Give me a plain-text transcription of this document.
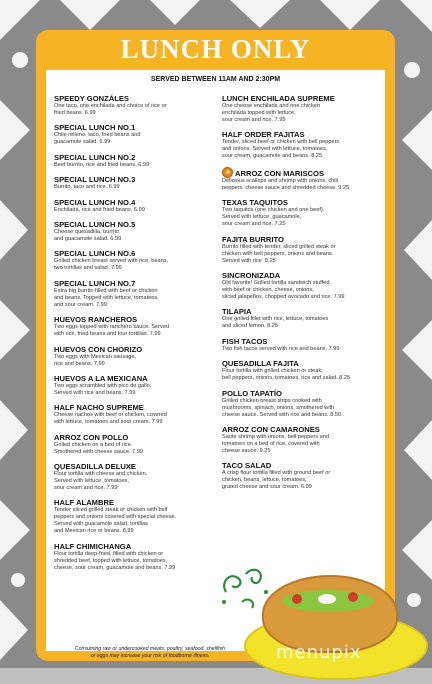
LUNCH ONLY
SERVED BETWEEN 11AM AND 2:30PM
SPEEDY GONZÁLES
One taco, one enchilada and choice of rice or
fried beans. 6.99
SPECIAL LUNCH NO.1
Chile relleno, taco, fried beans and
guacamole salad. 6.99
SPECIAL LUNCH NO.2
Beef burrito, rice and fried beans. 6.99
SPECIAL LUNCH NO.3
Burrito, taco and rice. 6.99
SPECIAL LUNCH NO.4
Enchilada, rice and fried beans. 6.99
SPECIAL LUNCH NO.5
Cheese quesadilla, burrito
and guacamole salad. 6.99
SPECIAL LUNCH NO.6
Grilled chicken breast served with rice, beans,
two tortillas and salad. 7.99
SPECIAL LUNCH NO.7
Extra big burrito filled with beef or chicken
and beans. Topped with lettuce, tomatoes,
and sour cream. 7.99
HUEVOS RANCHEROS
Two eggs topped with ranchero sauce. Served
with rice, fried beans and four tortillas. 7.99
HUEVOS CON CHORIZO
Two eggs with Mexican sausage,
rice and beans. 7.99
HUEVOS A LA MEXICANA
Two eggs scrambled with pico de gallo.
Served with rice and beans. 7.99
HALF NACHO SUPREME
Cheese nachos with beef or chicken, covered
with lettuce, tomatoes and sour cream. 7.99
ARROZ CON POLLO
Grilled chicken on a bed of rice.
Smothered with cheese sauce. 7.99
QUESADILLA DELUXE
Flour tortilla with cheese and chicken.
Served with lettuce, tomatoes,
sour cream and rice. 7.99
HALF ALAMBRE
Tender sliced grilled steak or chicken with bell
peppers and onions covered with special cheese.
Served with guacamole salad, tortillas
and Mexican rice or beans. 8.99
HALF CHIMICHANGA
Flour tortilla deep-fried, filled with chicken or
shredded beef, topped with lettuce, tomatoes,
cheese, sour cream, guacamole and beans. 7.99
LUNCH ENCHILADA SUPREME
One cheese enchilada and one chicken
enchilada topped with lettuce,
sour cream and rice. 7.99
HALF ORDER FAJITAS
Tender, sliced beef or chicken with bell peppers
and onions. Served with lettuce, tomatoes,
sour cream, guacamole and beans. 8.25
ARROZ CON MARISCOS
Delicious scallops and shrimp with onions, chili
peppers, cheese sauce and shredded cheese. 9.25
TEXAS TAQUITOS
Two taquitos (one chicken and one beef).
Served with lettuce, guacamole,
sour cream and rice. 7.25
FAJITA BURRITO
Burrito filled with tender, sliced grilled steak or
chicken with bell peppers, onions and beans.
Served with rice. 8.25
SINCRONIZADA
Old favorite! Grilled tortilla sandwich stuffed
with beef or chicken, cheese, onions,
sliced jalapeños, chopped avocado and rice. 7.99
TILAPIA
One grilled fillet with rice, lettuce, tomatoes
and sliced lemon. 8.25
FISH TACOS
Two fish tacos served with rice and beans. 7.99
QUESADILLA FAJITA
Flour tortilla with grilled chicken or steak,
bell peppers, onions, tomatoes, rice and salad. 8.25
POLLO TAPATÍO
Grilled chicken breast strips cooked with
mushrooms, spinach, onions, smothered with
cheese sauce. Served with rice and beans. 8.50
ARROZ CON CAMARONES
Saute shrimp with onions, bell peppers and
tomatoes on a bed of rice, covered with
cheese sauce. 9.25
TACO SALAD
A crisp flour tortilla filled with ground beef or
chicken, beans, lettuce, tomatoes,
grated cheese and sour cream. 6.99
Consuming raw or undercooked meats, poultry, seafood, shellfish
or eggs may increase your risk of foodborne illness.	menupix
